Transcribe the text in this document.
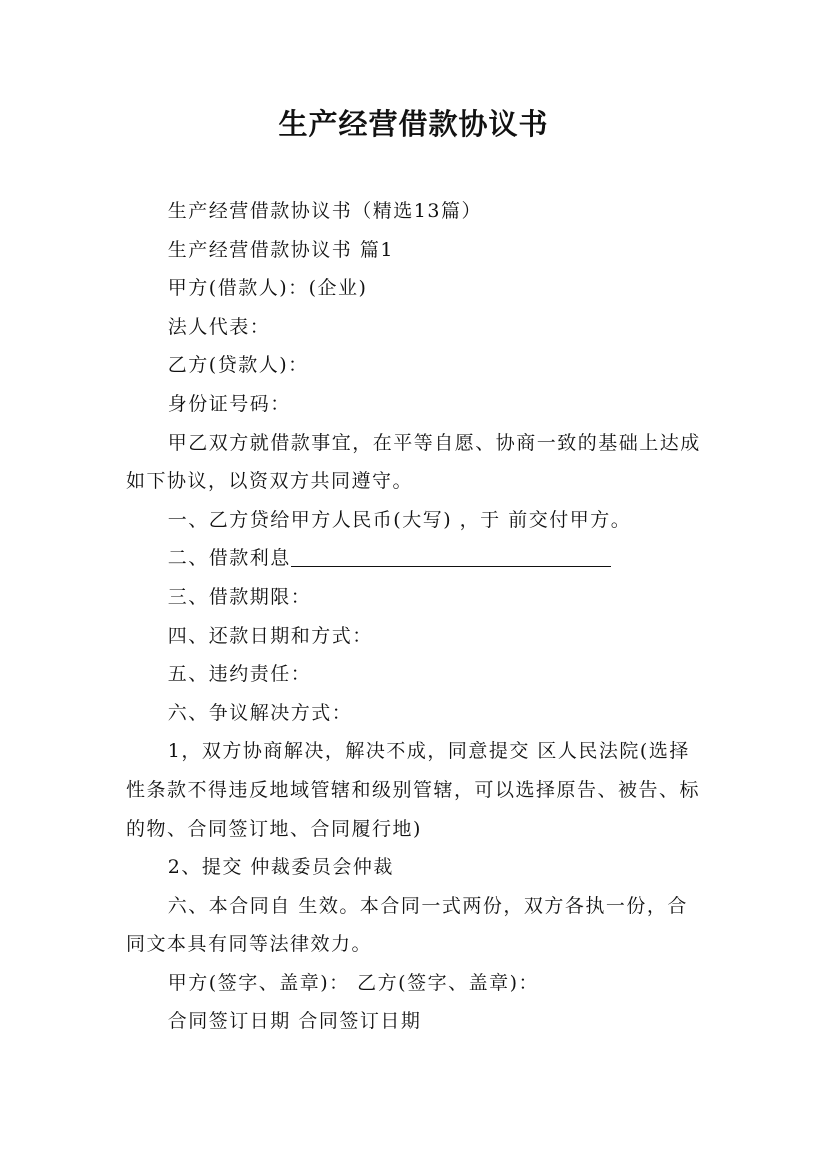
生产经营借款协议书

生产经营借款协议书（精选13篇）

生产经营借款协议书 篇1

甲方(借款人)：(企业)

法人代表：

乙方(贷款人)：

身份证号码：

甲乙双方就借款事宜，在平等自愿、协商一致的基础上达成如下协议，以资双方共同遵守。

一、乙方贷给甲方人民币(大写) ，于 前交付甲方。

二、借款利息

三、借款期限：

四、还款日期和方式：

五、违约责任：

六、争议解决方式：

1，双方协商解决，解决不成，同意提交 区人民法院(选择性条款不得违反地域管辖和级别管辖，可以选择原告、被告、标的物、合同签订地、合同履行地)

2、提交 仲裁委员会仲裁

六、本合同自 生效。本合同一式两份，双方各执一份，合同文本具有同等法律效力。

甲方(签字、盖章)： 乙方(签字、盖章)：

合同签订日期 合同签订日期
